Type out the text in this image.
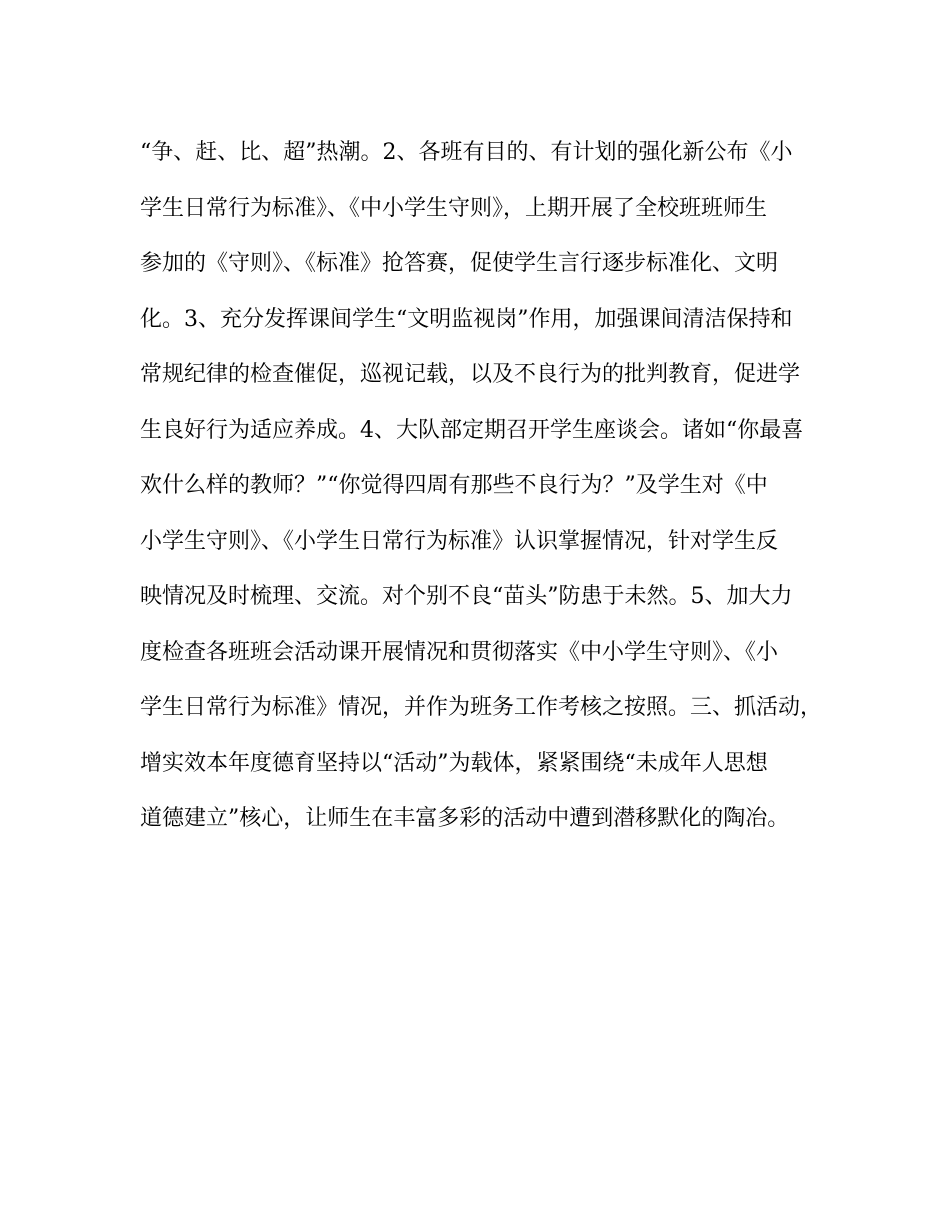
“争、赶、比、超”热潮。2、各班有目的、有计划的强化新公布《小
学生日常行为标准》、《中小学生守则》，上期开展了全校班班师生
参加的《守则》、《标准》抢答赛，促使学生言行逐步标准化、文明
化。3、充分发挥课间学生“文明监视岗”作用，加强课间清洁保持和
常规纪律的检查催促，巡视记载，以及不良行为的批判教育，促进学
生良好行为适应养成。4、大队部定期召开学生座谈会。诸如“你最喜
欢什么样的教师？”“你觉得四周有那些不良行为？”及学生对《中
小学生守则》、《小学生日常行为标准》认识掌握情况，针对学生反
映情况及时梳理、交流。对个别不良“苗头”防患于未然。5、加大力
度检查各班班会活动课开展情况和贯彻落实《中小学生守则》、《小
学生日常行为标准》情况，并作为班务工作考核之按照。三、抓活动，
增实效本年度德育坚持以“活动”为载体，紧紧围绕“未成年人思想
道德建立”核心，让师生在丰富多彩的活动中遭到潜移默化的陶冶。
